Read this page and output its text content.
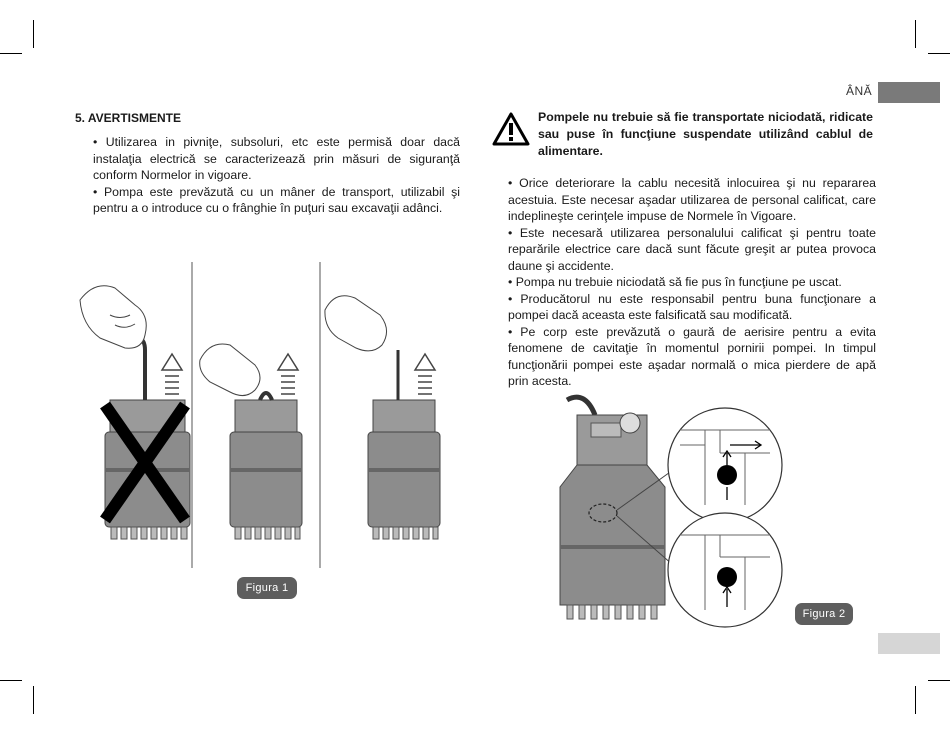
ÂNĂ
5. AVERTISMENTE

• Utilizarea in pivniţe, subsoluri, etc este permisă doar dacă instalaţia electrică se caracterizează prin măsuri de siguranţă conform Normelor in vigoare.

• Pompa este prevăzută cu un mâner de transport, utilizabil şi pentru a o introduce cu o frânghie în puţuri sau excavaţii adânci.

Figura 1
Pompele nu trebuie să fie transportate niciodată, ridicate sau puse în funcţiune suspendate utilizând cablul de alimentare.

• Orice deteriorare la cablu necesită inlocuirea şi nu repararea acestuia. Este necesar aşadar utilizarea de personal calificat, care indeplineşte cerinţele impuse de Normele în Vigoare.

• Este necesară utilizarea personalului calificat şi pentru toate reparările electrice care dacă sunt făcute greşit ar putea provoca daune şi accidente.

• Pompa nu trebuie niciodată să fie pus în funcţiune pe uscat.

• Producătorul nu este responsabil pentru buna funcţionare a pompei dacă aceasta este falsificată sau modificată.

• Pe corp este prevăzută o gaură de aerisire pentru a evita fenomene de cavitaţie în momentul pornirii pompei. In timpul funcţionării pompei este aşadar normală o mica pierdere de apă prin acesta.

Figura 2
